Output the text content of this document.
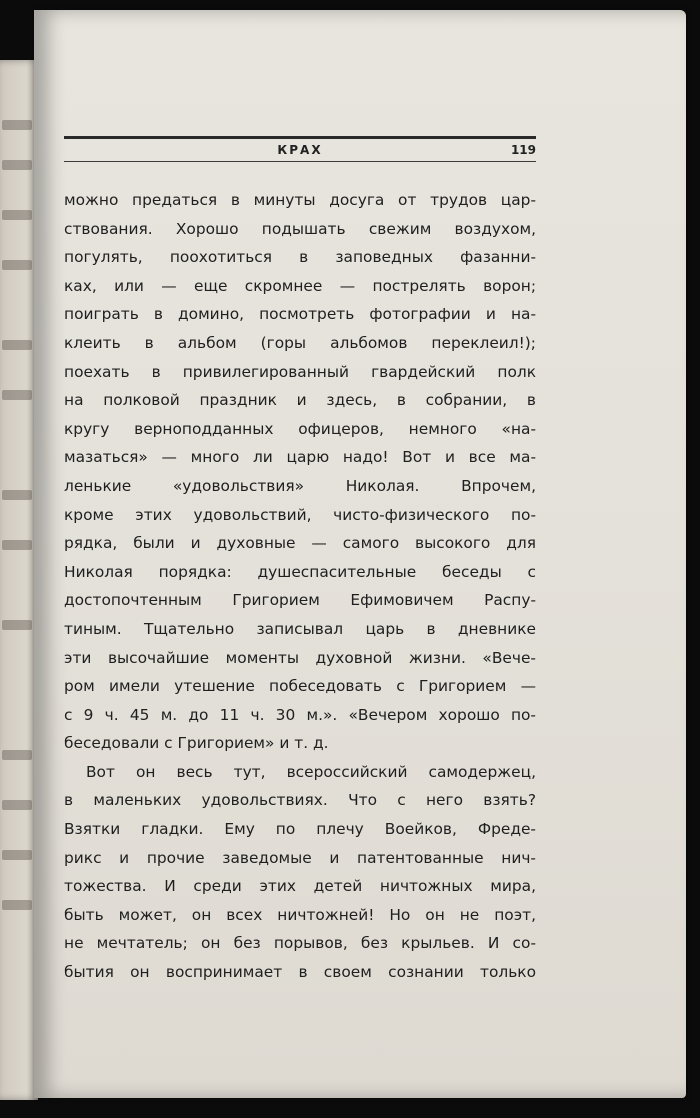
КРАХ	119
можно предаться в минуты досуга от трудов цар-
ствования. Хорошо подышать свежим воздухом,
погулять, поохотиться в заповедных фазанни-
ках, или — еще скромнее — пострелять ворон;
поиграть в домино, посмотреть фотографии и на-
клеить в альбом (горы альбомов переклеил!);
поехать в привилегированный гвардейский полк
на полковой праздник и здесь, в собрании, в
кругу верноподданных офицеров, немного «на-
мазаться» — много ли царю надо! Вот и все ма-
ленькие «удовольствия» Николая. Впрочем,
кроме этих удовольствий, чисто-физического по-
рядка, были и духовные — самого высокого для
Николая порядка: душеспасительные беседы с
достопочтенным Григорием Ефимовичем Распу-
тиным. Тщательно записывал царь в дневнике
эти высочайшие моменты духовной жизни. «Вече-
ром имели утешение побеседовать с Григорием —
с 9 ч. 45 м. до 11 ч. 30 м.». «Вечером хорошо по-
беседовали с Григорием» и т. д.
Вот он весь тут, всероссийский самодержец,
в маленьких удовольствиях. Что с него взять?
Взятки гладки. Ему по плечу Воейков, Фреде-
рикс и прочие заведомые и патентованные нич-
тожества. И среди этих детей ничтожных мира,
быть может, он всех ничтожней! Но он не поэт,
не мечтатель; он без порывов, без крыльев. И со-
бытия он воспринимает в своем сознании только
